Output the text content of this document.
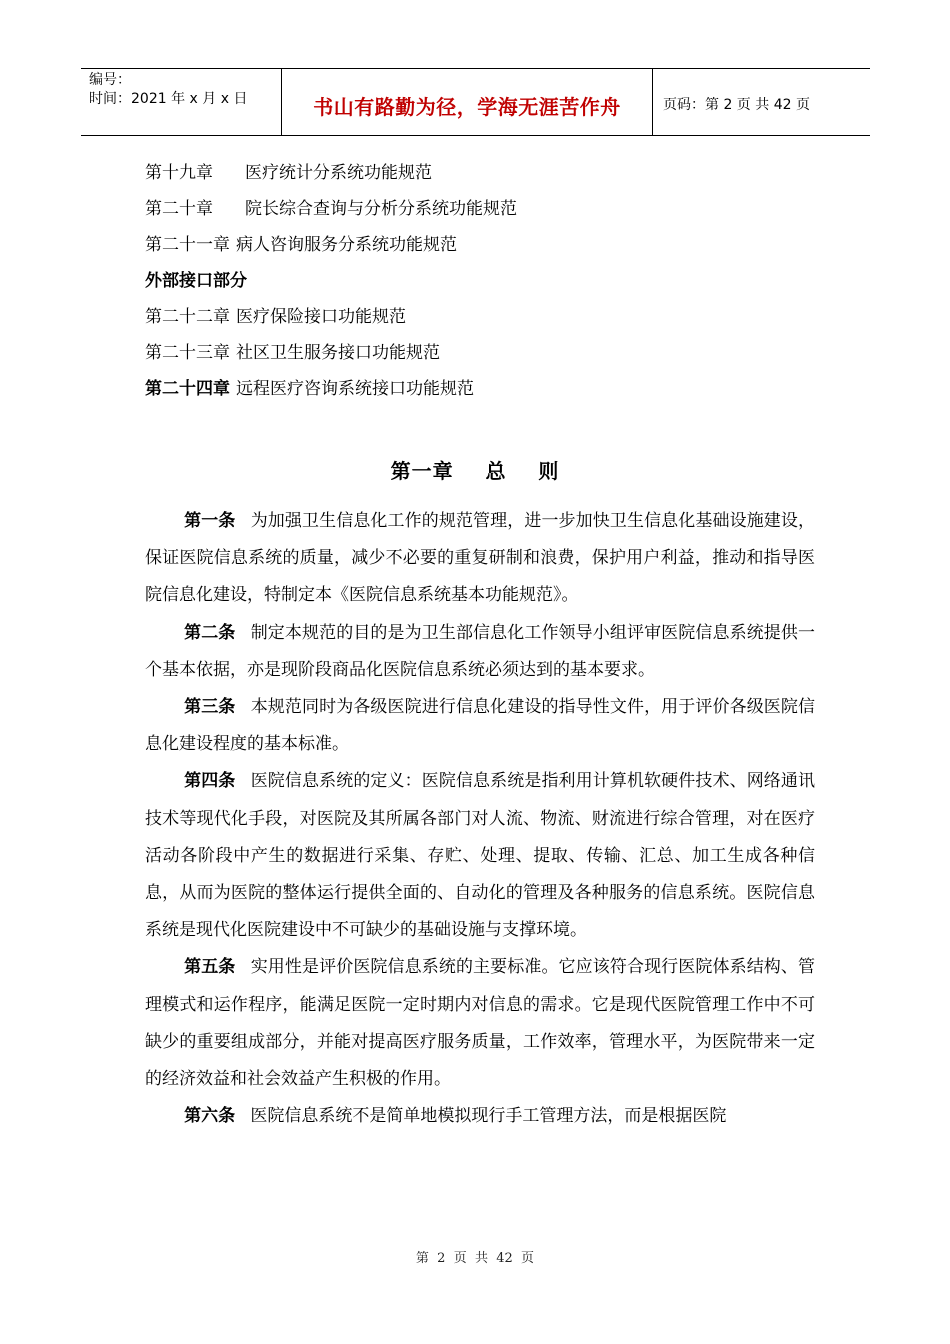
编号：
时间：2021 年 x 月 x 日	书山有路勤为径，学海无涯苦作舟	页码：第 2 页 共 42 页
第十九章 医疗统计分系统功能规范
第二十章 院长综合查询与分析分系统功能规范
第二十一章 病人咨询服务分系统功能规范
外部接口部分
第二十二章 医疗保险接口功能规范
第二十三章 社区卫生服务接口功能规范
第二十四章 远程医疗咨询系统接口功能规范
第一章    总    则

第一条 为加强卫生信息化工作的规范管理，进一步加快卫生信息化基础设施建设，保证医院信息系统的质量，减少不必要的重复研制和浪费，保护用户利益，推动和指导医院信息化建设，特制定本《医院信息系统基本功能规范》。

第二条 制定本规范的目的是为卫生部信息化工作领导小组评审医院信息系统提供一个基本依据，亦是现阶段商品化医院信息系统必须达到的基本要求。

第三条 本规范同时为各级医院进行信息化建设的指导性文件，用于评价各级医院信息化建设程度的基本标准。

第四条 医院信息系统的定义：医院信息系统是指利用计算机软硬件技术、网络通讯技术等现代化手段，对医院及其所属各部门对人流、物流、财流进行综合管理，对在医疗活动各阶段中产生的数据进行采集、存贮、处理、提取、传输、汇总、加工生成各种信息，从而为医院的整体运行提供全面的、自动化的管理及各种服务的信息系统。医院信息系统是现代化医院建设中不可缺少的基础设施与支撑环境。

第五条 实用性是评价医院信息系统的主要标准。它应该符合现行医院体系结构、管理模式和运作程序，能满足医院一定时期内对信息的需求。它是现代医院管理工作中不可缺少的重要组成部分，并能对提高医疗服务质量，工作效率，管理水平，为医院带来一定的经济效益和社会效益产生积极的作用。

第六条 医院信息系统不是简单地模拟现行手工管理方法，而是根据医院

第  2  页  共  42  页
